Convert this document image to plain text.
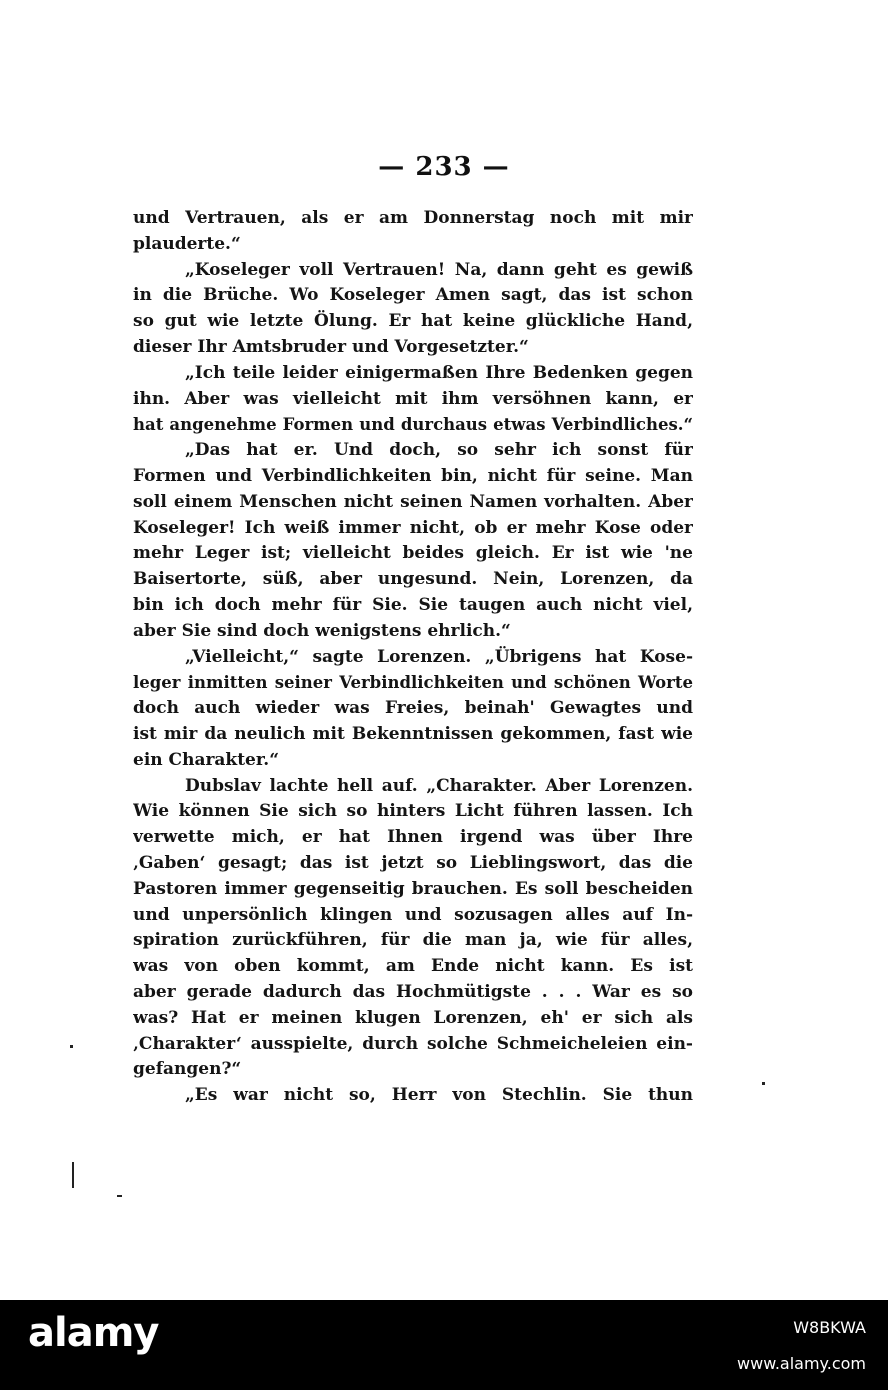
— 233 —
und Vertrauen, als er am Donnerstag noch mit mir
plauderte.“
„Koseleger voll Vertrauen! Na, dann geht es gewiß
in die Brüche. Wo Koseleger Amen sagt, das ist schon
so gut wie letzte Ölung. Er hat keine glückliche Hand,
dieser Ihr Amtsbruder und Vorgesetzter.“
„Ich teile leider einigermaßen Ihre Bedenken gegen
ihn. Aber was vielleicht mit ihm versöhnen kann, er
hat angenehme Formen und durchaus etwas Verbindliches.“
„Das hat er. Und doch, so sehr ich sonst für
Formen und Verbindlichkeiten bin, nicht für seine. Man
soll einem Menschen nicht seinen Namen vorhalten. Aber
Koseleger! Ich weiß immer nicht, ob er mehr Kose oder
mehr Leger ist; vielleicht beides gleich. Er ist wie 'ne
Baisertorte, süß, aber ungesund. Nein, Lorenzen, da
bin ich doch mehr für Sie. Sie taugen auch nicht viel,
aber Sie sind doch wenigstens ehrlich.“
„Vielleicht,“ sagte Lorenzen. „Übrigens hat Kose-
leger inmitten seiner Verbindlichkeiten und schönen Worte
doch auch wieder was Freies, beinah' Gewagtes und
ist mir da neulich mit Bekenntnissen gekommen, fast wie
ein Charakter.“
Dubslav lachte hell auf. „Charakter. Aber Lorenzen.
Wie können Sie sich so hinters Licht führen lassen. Ich
verwette mich, er hat Ihnen irgend was über Ihre
‚Gaben‘ gesagt; das ist jetzt so Lieblingswort, das die
Pastoren immer gegenseitig brauchen. Es soll bescheiden
und unpersönlich klingen und sozusagen alles auf In-
spiration zurückführen, für die man ja, wie für alles,
was von oben kommt, am Ende nicht kann. Es ist
aber gerade dadurch das Hochmütigste . . . War es so
was? Hat er meinen klugen Lorenzen, eh' er sich als
‚Charakter‘ ausspielte, durch solche Schmeicheleien ein-
gefangen?“
„Es war nicht so, Herr von Stechlin. Sie thun
alamy	W8BKWA
www.alamy.com
